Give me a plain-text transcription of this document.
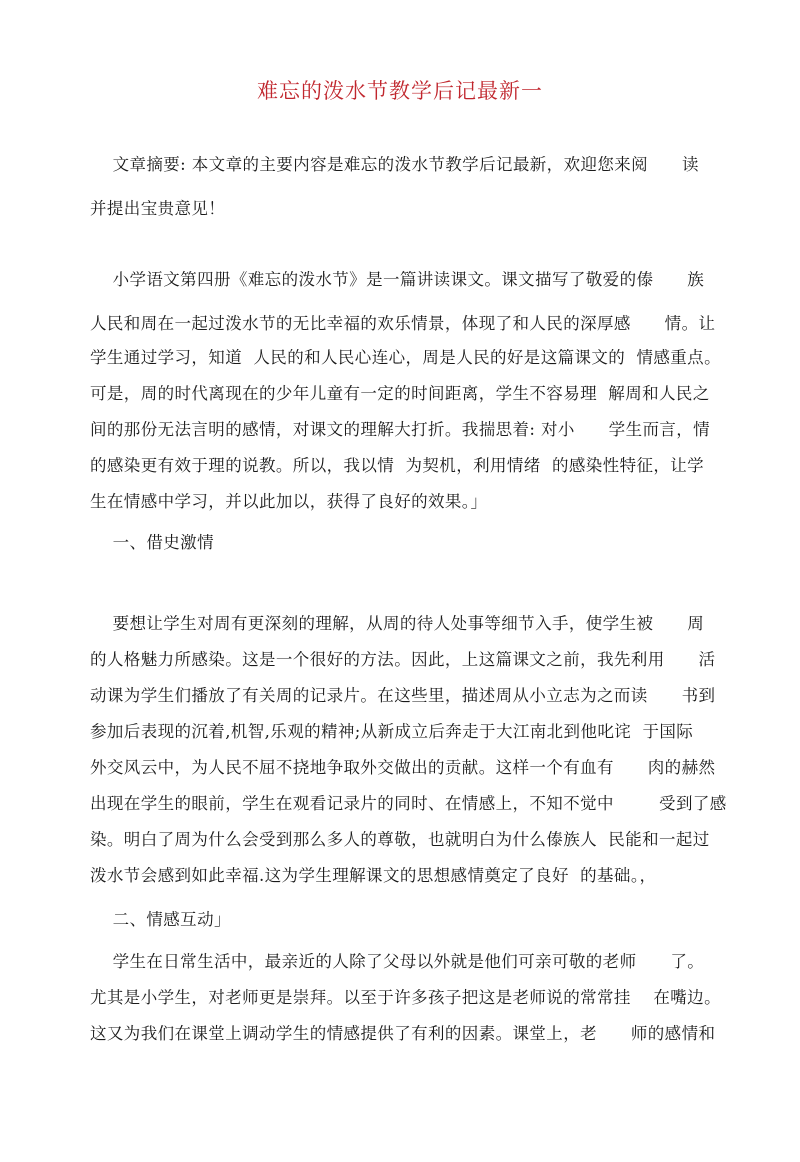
难忘的泼水节教学后记最新一
文章摘要: 本文章的主要内容是难忘的泼水节教学后记最新，欢迎您来阅      读
并提出宝贵意见！
小学语文第四册《难忘的泼水节》是一篇讲读课文。课文描写了敬爱的傣      族
人民和周在一起过泼水节的无比幸福的欢乐情景，体现了和人民的深厚感      情。让
学生通过学习，知道  人民的和人民心连心，周是人民的好是这篇课文的  情感重点。
可是，周的时代离现在的少年儿童有一定的时间距离，学生不容易理  解周和人民之
间的那份无法言明的感情，对课文的理解大打折。我揣思着: 对小      学生而言，情
的感染更有效于理的说教。所以，我以情  为契机，利用情绪  的感染性特征，让学
生在情感中学习，并以此加以，获得了良好的效果。」
一、借史激情
要想让学生对周有更深刻的理解，从周的待人处事等细节入手，使学生被      周
的人格魅力所感染。这是一个很好的方法。因此，上这篇课文之前，我先利用      活
动课为学生们播放了有关周的记录片。在这些里，描述周从小立志为之而读      书到
参加后表现的沉着,机智,乐观的精神;从新成立后奔走于大江南北到他叱诧  于国际
外交风云中，为人民不屈不挠地争取外交做出的贡献。这样一个有血有      肉的赫然
出现在学生的眼前，学生在观看记录片的同时、在情感上，不知不觉中        受到了感
染。明白了周为什么会受到那么多人的尊敬，也就明白为什么傣族人  民能和一起过
泼水节会感到如此幸福.这为学生理解课文的思想感情奠定了良好  的基础。，
二、情感互动」
学生在日常生活中，最亲近的人除了父母以外就是他们可亲可敬的老师      了。
尤其是小学生，对老师更是崇拜。以至于许多孩子把这是老师说的常常挂    在嘴边。
这又为我们在课堂上调动学生的情感提供了有利的因素。课堂上，老      师的感情和
